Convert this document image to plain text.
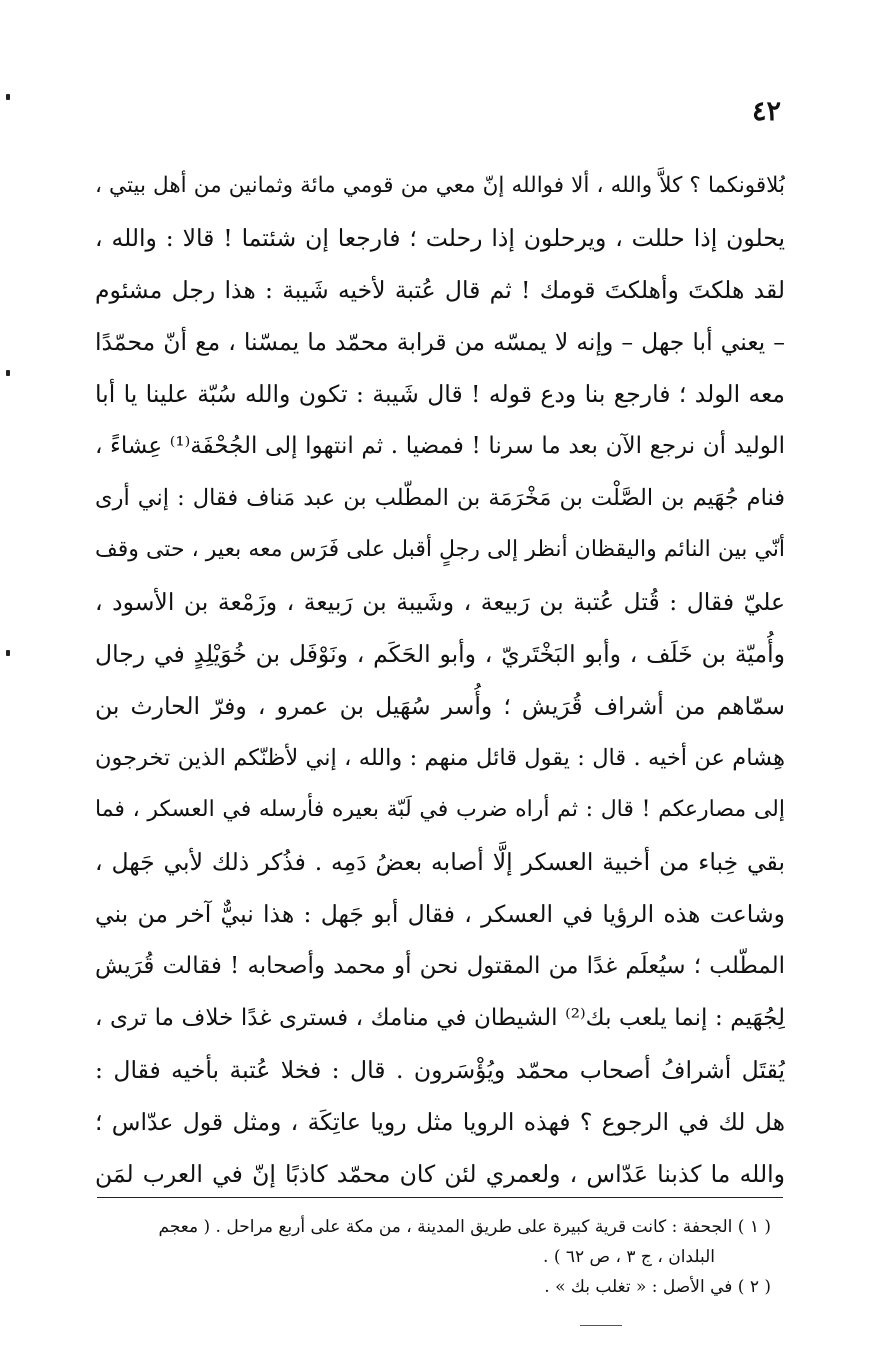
٤٢
بُلاقونكما ؟ كلاَّ والله ، ألا فوالله إنّ معي من قومي مائة وثمانين من أهل بيتي ،
يحلون إذا حللت ، ويرحلون إذا رحلت ؛ فارجعا إن شئتما ! قالا : والله ،
لقد هلكتَ وأهلكتَ قومك ! ثم قال عُتبة لأخيه شَيبة : هذا رجل مشئوم
– يعني أبا جهل – وإنه لا يمسّه من قرابة محمّد ما يمسّنا ، مع أنّ محمّدًا
معه الولد ؛ فارجع بنا ودع قوله ! قال شَيبة : تكون والله سُبّة علينا يا أبا
الوليد أن نرجع الآن بعد ما سرنا ! فمضيا . ثم انتهوا إلى الجُحْفَة⁽¹⁾ عِشاءً ،
فنام جُهَيم بن الصَّلْت بن مَخْرَمَة بن المطّلب بن عبد مَناف فقال : إني أرى
أنّي بين النائم واليقظان أنظر إلى رجلٍ أقبل على فَرَس معه بعير ، حتى وقف
عليّ فقال : قُتل عُتبة بن رَبيعة ، وشَيبة بن رَبيعة ، وزَمْعة بن الأسود ،
وأُميّة بن خَلَف ، وأبو البَخْتَريّ ، وأبو الحَكَم ، ونَوْفَل بن خُوَيْلِدٍ في رجال
سمّاهم من أشراف قُرَيش ؛ وأُسر سُهَيل بن عمرو ، وفرّ الحارث بن
هِشام عن أخيه . قال : يقول قائل منهم : والله ، إني لأظنّكم الذين تخرجون
إلى مصارعكم ! قال : ثم أراه ضرب في لَبّة بعيره فأرسله في العسكر ، فما
بقي خِباء من أخبية العسكر إلَّا أصابه بعضُ دَمِه . فذُكر ذلك لأبي جَهل ،
وشاعت هذه الرؤيا في العسكر ، فقال أبو جَهل : هذا نبيٌّ آخر من بني
المطّلب ؛ سيُعلَم غدًا من المقتول نحن أو محمد وأصحابه ! فقالت قُرَيش
لِجُهَيم : إنما يلعب بك⁽²⁾ الشيطان في منامك ، فسترى غدًا خلاف ما ترى ،
يُقتَل أشرافُ أصحاب محمّد ويُؤْسَرون . قال : فخلا عُتبة بأخيه فقال :
هل لك في الرجوع ؟ فهذه الرويا مثل رويا عاتِكَة ، ومثل قول عدّاس ؛
والله ما كذبنا عَدّاس ، ولعمري لئن كان محمّد كاذبًا إنّ في العرب لمَن
( ١ ) الجحفة : كانت قرية كبيرة على طريق المدينة ، من مكة على أربع مراحل . ( معجم
البلدان ، ج ٣ ، ص ٦٢ ) .
( ٢ ) في الأصل : « تغلب بك » .
